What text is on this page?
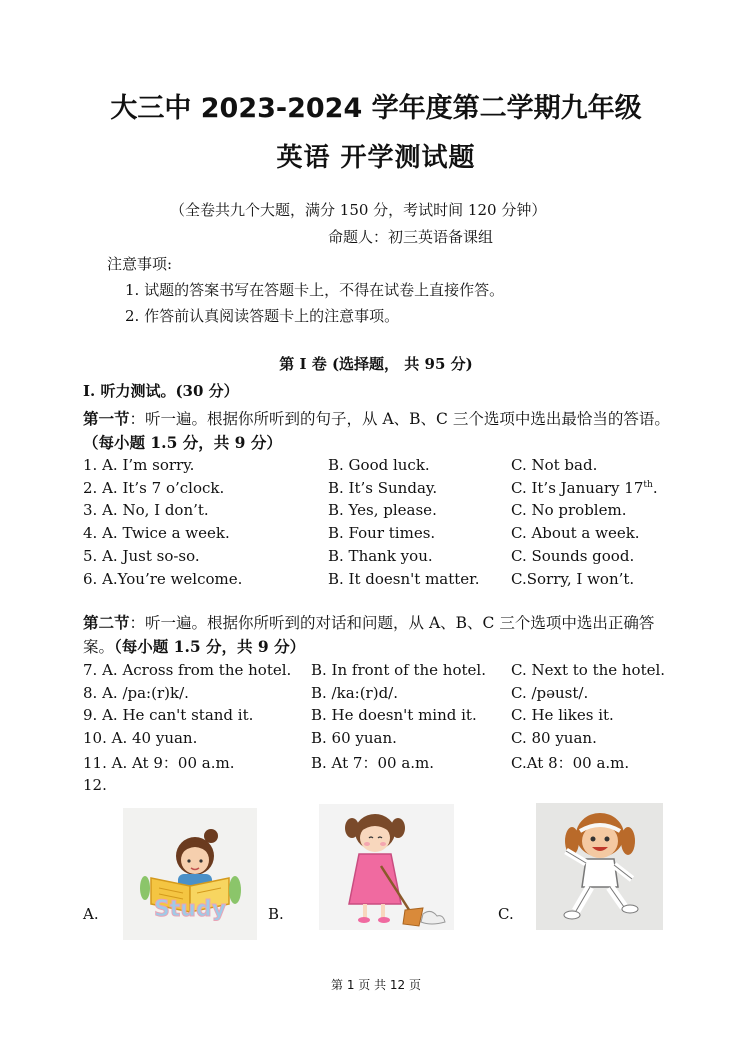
大三中 2023-2024 学年度第二学期九年级
英语 开学测试题
（全卷共九个大题，满分 150 分，考试时间 120 分钟）
命题人：初三英语备课组
注意事项:
1. 试题的答案书写在答题卡上，不得在试卷上直接作答。
2. 作答前认真阅读答题卡上的注意事项。
第 I 卷 (选择题， 共 95 分)
I. 听力测试。(30 分）
第一节：听一遍。根据你所听到的句子，从 A、B、C 三个选项中选出最恰当的答语。（每小题 1.5 分，共 9 分）
1. A. I’m sorry.	B. Good luck.	C. Not bad.
2. A. It’s 7 o’clock.	B. It’s Sunday.	C. It’s January 17th.
3. A. No, I don’t.	B. Yes, please.	C. No problem.
4. A. Twice a week.	B. Four times.	C. About a week.
5. A. Just so-so.	B. Thank you.	C. Sounds good.
6. A.You’re welcome.	B. It doesn't matter. C.Sorry, I won’t.
第二节：听一遍。根据你所听到的对话和问题，从 A、B、C 三个选项中选出正确答案。（每小题 1.5 分，共 9 分）
7. A. Across from the hotel. B. In front of the hotel. C. Next to the hotel.
8. A. /pa:(r)k/.	B. /ka:(r)d/.	C. /pəust/.
9. A. He can't stand it.	B. He doesn't mind it. C. He likes it.
10. A. 40 yuan.	B. 60 yuan.	C. 80 yuan.
11. A. At 9：00 a.m.	B. At 7：00 a.m.	C.At 8：00 a.m.
12.
A.	Study	B.	C.
第 1 页 共 12 页
